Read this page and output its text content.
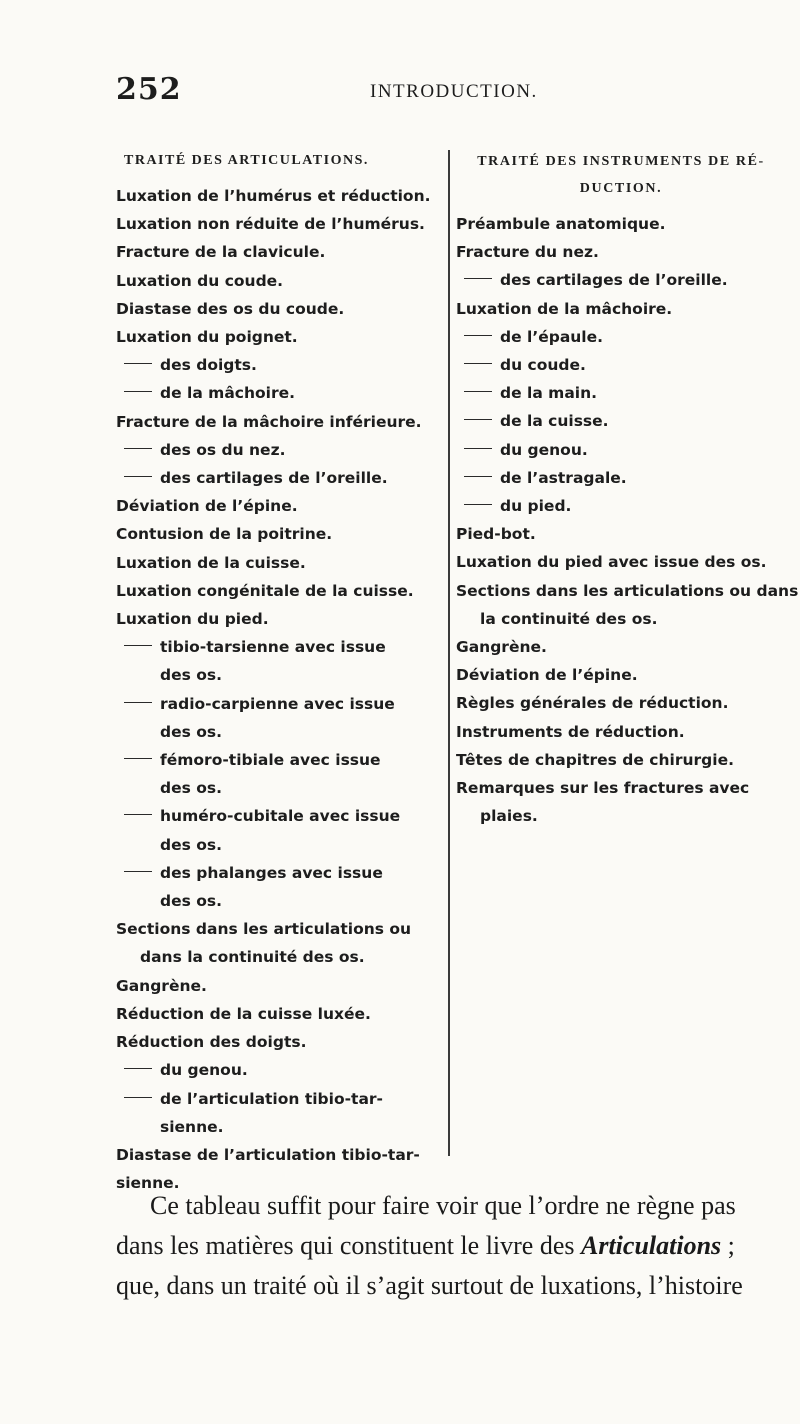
252	INTRODUCTION.
TRAITÉ DES ARTICULATIONS.
Luxation de l’humérus et réduction.
Luxation non réduite de l’humérus.
Fracture de la clavicule.
Luxation du coude.
Diastase des os du coude.
Luxation du poignet.
des doigts.
de la mâchoire.
Fracture de la mâchoire inférieure.
des os du nez.
des cartilages de l’oreille.
Déviation de l’épine.
Contusion de la poitrine.
Luxation de la cuisse.
Luxation congénitale de la cuisse.
Luxation du pied.
tibio-tarsienne avec issue
des os.
radio-carpienne avec issue
des os.
fémoro-tibiale avec issue
des os.
huméro-cubitale avec issue
des os.
des phalanges avec issue
des os.
Sections dans les articulations ou
dans la continuité des os.
Gangrène.
Réduction de la cuisse luxée.
Réduction des doigts.
du genou.
de l’articulation tibio-tar-
sienne.
Diastase de l’articulation tibio-tar-
sienne.
TRAITÉ DES INSTRUMENTS DE RÉ-
DUCTION.
Préambule anatomique.
Fracture du nez.
des cartilages de l’oreille.
Luxation de la mâchoire.
de l’épaule.
du coude.
de la main.
de la cuisse.
du genou.
de l’astragale.
du pied.
Pied-bot.
Luxation du pied avec issue des os.
Sections dans les articulations ou dans
la continuité des os.
Gangrène.
Déviation de l’épine.
Règles générales de réduction.
Instruments de réduction.
Têtes de chapitres de chirurgie.
Remarques sur les fractures avec
plaies.
Ce tableau suffit pour faire voir que l’ordre ne règne pas
dans les matières qui constituent le livre des Articulations ;
que, dans un traité où il s’agit surtout de luxations, l’histoire
